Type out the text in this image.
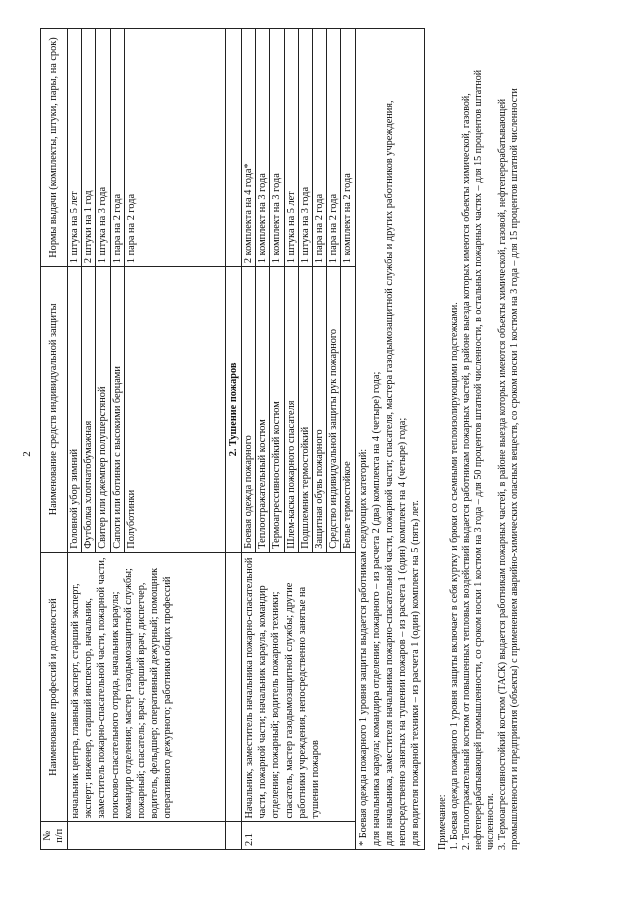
2
№ п/п	Наименование профессий и должностей	Наименование средств индивидуальной защиты	Нормы выдачи (комплекты, штуки, пары, на срок)
	начальник центра, главный эксперт, старший эксперт, эксперт; инженер, старший инспектор, начальник, заместитель пожарно-спасательной части, пожарной части, поисково-спасательного отряда, начальник караула; командир отделения; мастер газодымозащитной службы; пожарный; спасатель; врач; старший врач; диспетчер, водитель, фельдшер; оперативный дежурный; помощник оперативного дежурного; работники общих профессий	Головной убор зимний	1 штука на 5 лет
		Футболка хлопчатобумажная	2 штуки на 1 год
		Свитер или джемпер полушерстяной	1 штука на 3 года
		Сапоги или ботинки с высокими берцами	1 пара на 2 года
		Полуботинки	1 пара на 2 года
		2. Тушение пожаров	
2.1	Начальник, заместитель начальника пожарно-спасательной части, пожарной части; начальник караула, командир отделения; пожарный; водитель пожарной техники; спасатель, мастер газодымозащитной службы; другие работники учреждения, непосредственно занятые на тушении пожаров	Боевая одежда пожарного	2 комплекта на 4 года*
		Теплоотражательный костюм	1 комплект на 3 года
		Термоагрессивностойкий костюм	1 комплект на 3 года
		Шлем-каска пожарного спасателя	1 штука на 5 лет
		Подшлемник термостойкий	1 штука на 3 года
		Защитная обувь пожарного	1 пара на 2 года
		Средство индивидуальной защиты рук пожарного	1 пара на 2 года
		Белье термостойкое	1 комплект на 2 года

* Боевая одежда пожарного 1 уровня защиты выдается работникам следующих категорий: для начальника караула; командира отделения; пожарного – из расчета 2 (два) комплекта на 4 (четыре) года; для начальника, заместителя начальника пожарно-спасательной части, пожарной части; спасателя, мастера газодымозащитной службы и других работников учреждения, непосредственно занятых на тушении пожаров – из расчета 1 (один) комплект на 4 (четыре) года; для водителя пожарной техники – из расчета 1 (один) комплект на 5 (пять) лет.			Примечание: 1. Боевая одежда пожарного 1 уровня защиты включает в себя куртку и брюки со съемными теплоизолирующими подстежками. 2. Теплоотражательный костюм от повышенных тепловых воздействий выдается работникам пожарных частей, в районе выезда которых имеются объекты химической, газовой, нефтеперерабатывающей промышленности, со сроком носки 1 костюм на 3 года – для 50 процентов штатной численности, в остальных пожарных частях – для 15 процентов штатной численности. 3. Термоагрессивностойкий костюм (ТАСК) выдается работникам пожарных частей, в районе выезда которых имеются объекты химической, газовой, нефтеперерабатывающей промышленности и предприятия (объекты) с применением аварийно-химических опасных веществ, со сроком носки 1 костюм на 3 года – для 15 процентов штатной численности
